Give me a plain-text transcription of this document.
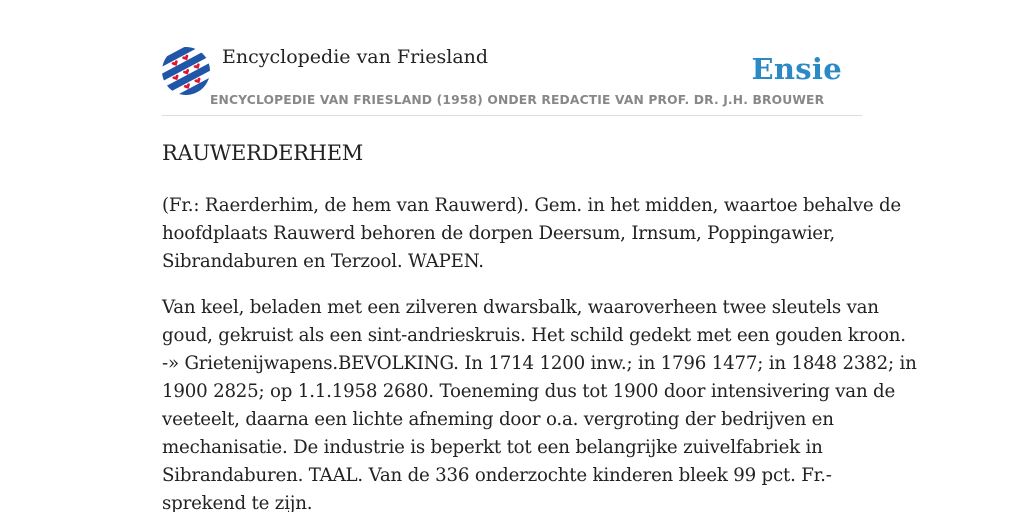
Encyclopedie van Friesland	Ensie
ENCYCLOPEDIE VAN FRIESLAND (1958) ONDER REDACTIE VAN PROF. DR. J.H. BROUWER
RAUWERDERHEM

(Fr.: Raerderhim, de hem van Rauwerd). Gem. in het midden, waartoe behalve de
hoofdplaats Rauwerd behoren de dorpen Deersum, Irnsum, Poppingawier,
Sibrandaburen en Terzool. WAPEN.

Van keel, beladen met een zilveren dwarsbalk, waaroverheen twee sleutels van
goud, gekruist als een sint-andrieskruis. Het schild gedekt met een gouden kroon.
-» Grietenijwapens.BEVOLKING. In 1714 1200 inw.; in 1796 1477; in 1848 2382; in
1900 2825; op 1.1.1958 2680. Toeneming dus tot 1900 door intensivering van de
veeteelt, daarna een lichte afneming door o.a. vergroting der bedrijven en
mechanisatie. De industrie is beperkt tot een belangrijke zuivelfabriek in
Sibrandaburen. TAAL. Van de 336 onderzochte kinderen bleek 99 pct. Fr.-
sprekend te zijn.
